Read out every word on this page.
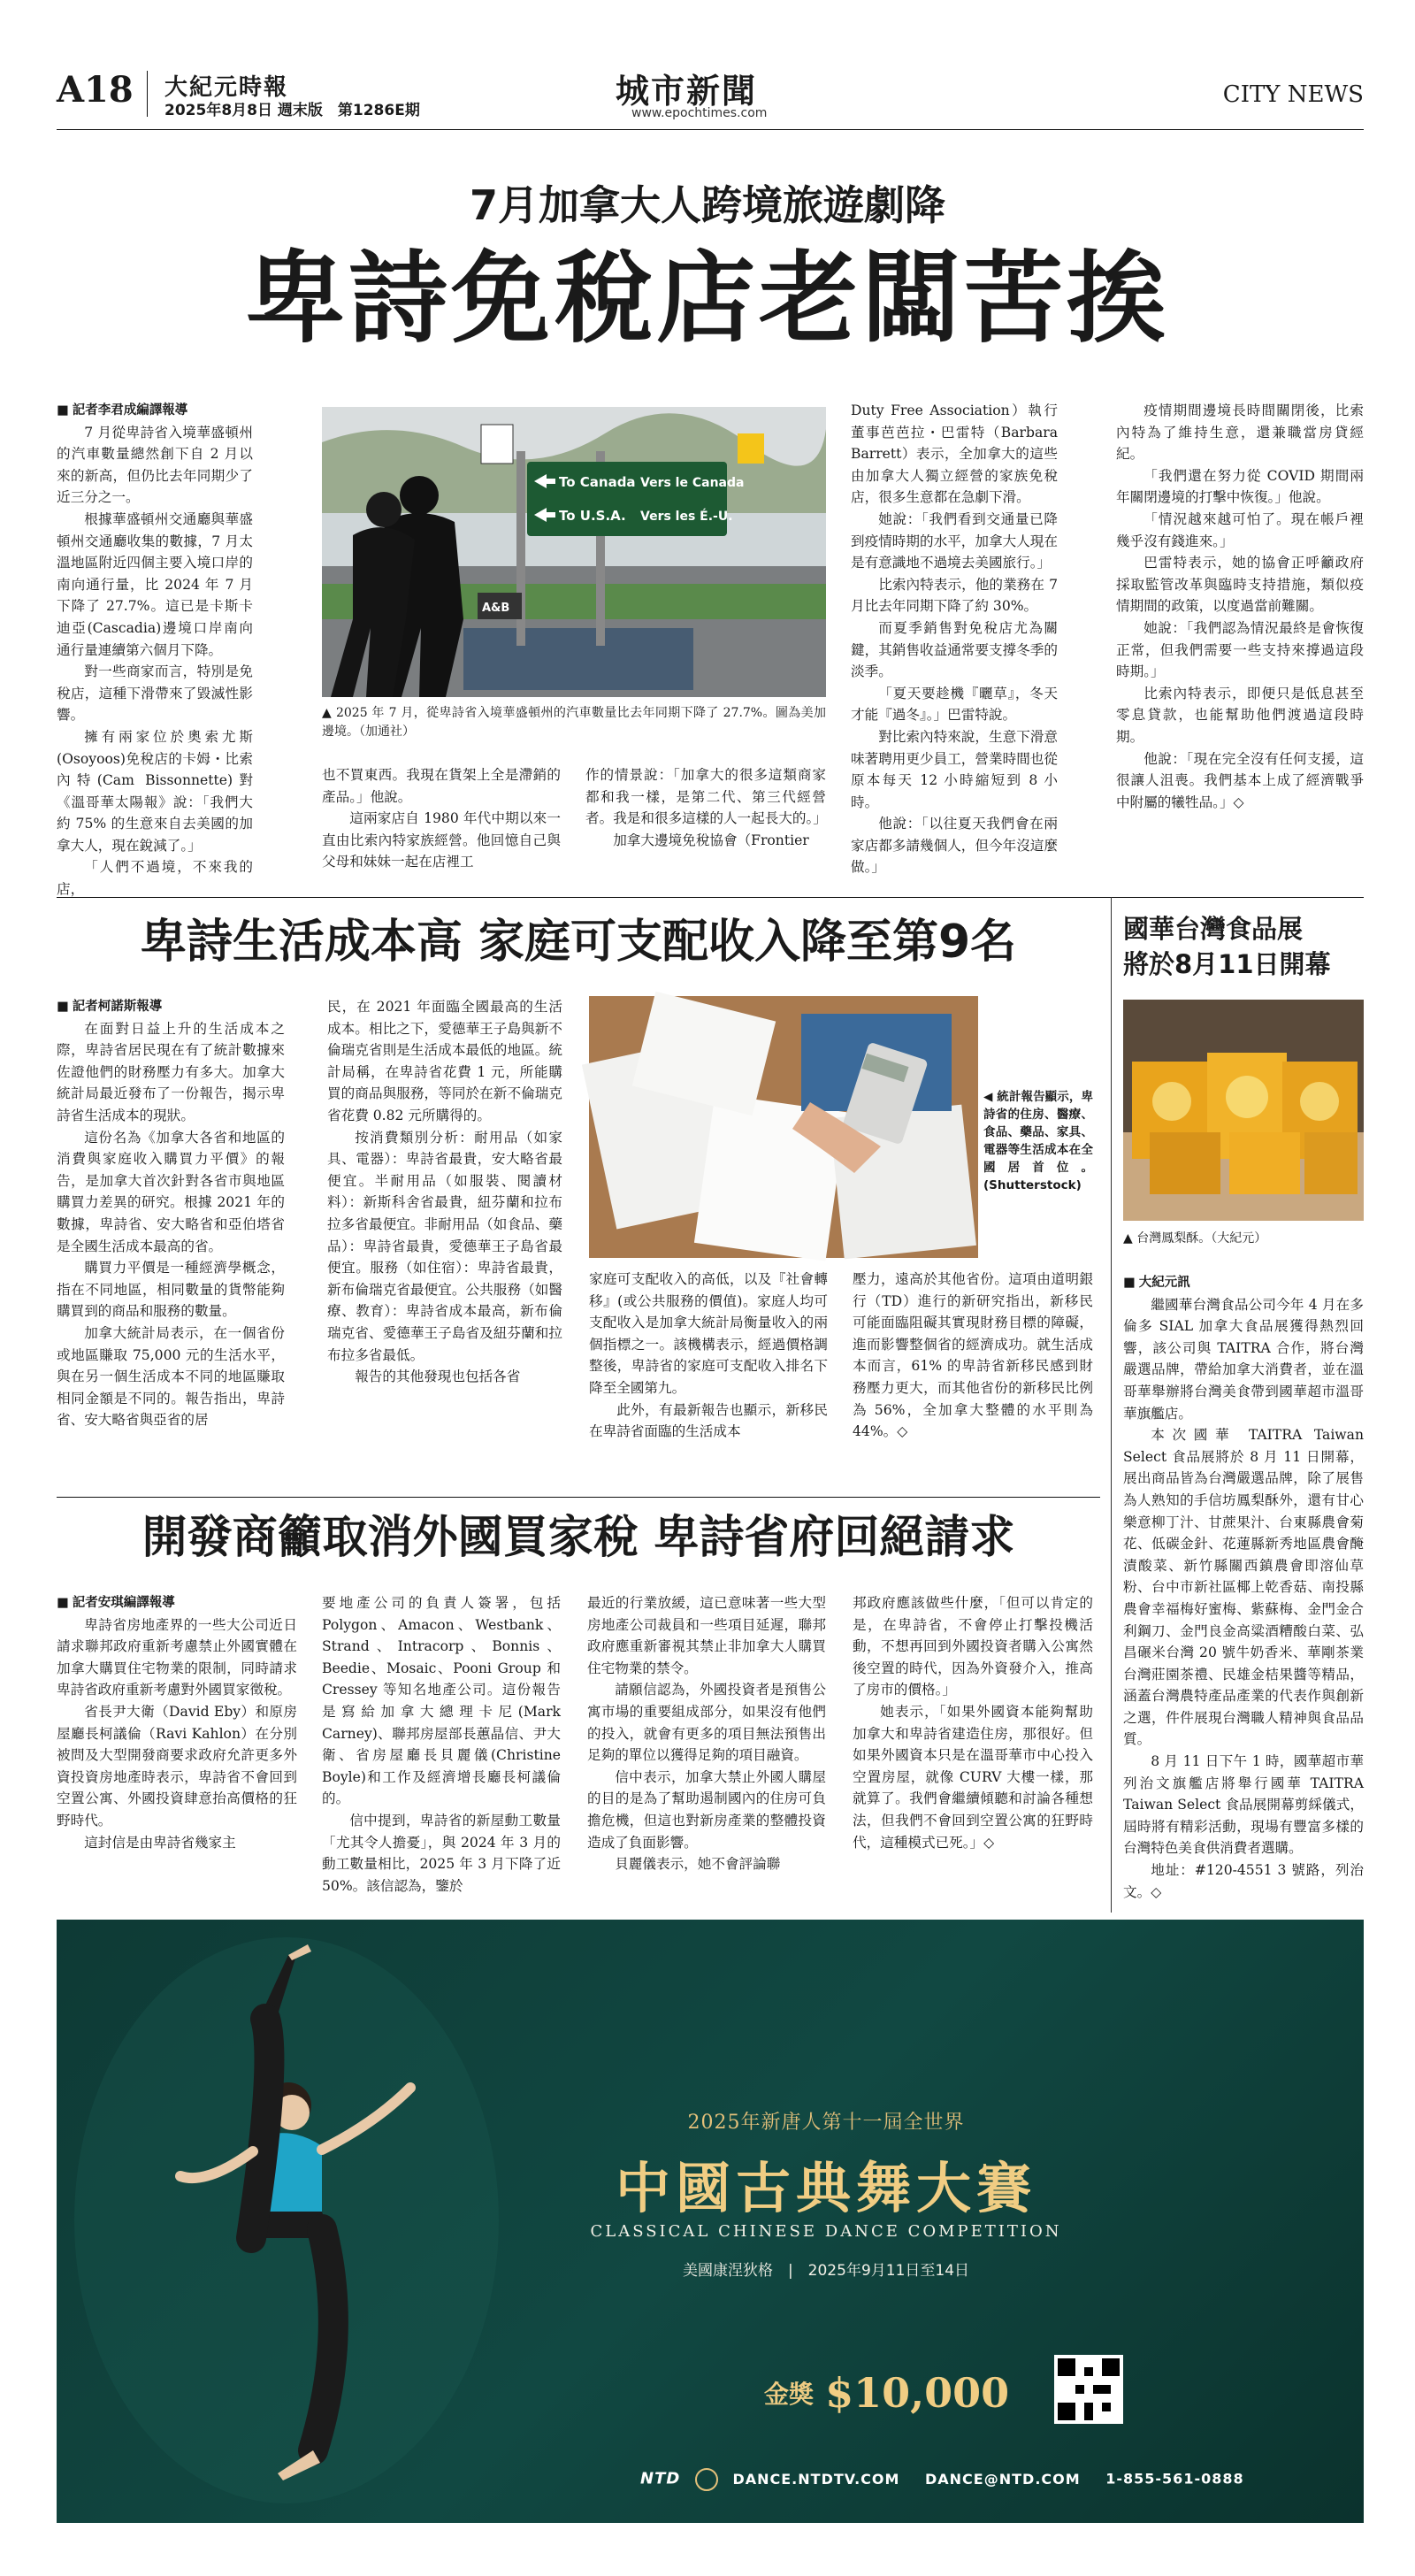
A18 大紀元時報
2025年8月8日 週末版　第1286E期	城市新聞
www.epochtimes.com
CITY NEWS
7月加拿大人跨境旅遊劇降
卑詩免稅店老闆苦挨

■ 記者李君成編譯報導

7 月從卑詩省入境華盛頓州的汽車數量總然創下自 2 月以來的新高，但仍比去年同期少了近三分之一。

根據華盛頓州交通廳與華盛頓州交通廳收集的數據，7 月太溫地區附近四個主要入境口岸的南向通行量，比 2024 年 7 月下降了 27.7%。這已是卡斯卡迪亞(Cascadia)邊境口岸南向通行量連續第六個月下降。

對一些商家而言，特別是免稅店，這種下滑帶來了毀滅性影響。

擁有兩家位於奧索尤斯(Osoyoos)免稅店的卡姆・比索內特(Cam Bissonnette)對《溫哥華太陽報》說：「我們大約 75% 的生意來自去美國的加拿大人，現在銳減了。」

「人們不過境，不來我的店，

To Canada Vers le Canada
To U.S.A. Vers les É.-U.
A&B
▲ 2025 年 7 月，從卑詩省入境華盛頓州的汽車數量比去年同期下降了 27.7%。圖為美加邊境。（加通社）

也不買東西。我現在貨架上全是滯銷的產品。」他說。

這兩家店自 1980 年代中期以來一直由比索內特家族經營。他回憶自己與父母和妹妹一起在店裡工

作的情景說：「加拿大的很多這類商家都和我一樣，是第二代、第三代經營者。我是和很多這樣的人一起長大的。」

加拿大邊境免稅協會（Frontier

Duty Free Association）執行董事芭芭拉・巴雷特（Barbara Barrett）表示，全加拿大的這些由加拿大人獨立經營的家族免稅店，很多生意都在急劇下滑。

她說：「我們看到交通量已降到疫情時期的水平，加拿大人現在是有意識地不過境去美國旅行。」

比索內特表示，他的業務在 7 月比去年同期下降了約 30%。

而夏季銷售對免稅店尤為關鍵，其銷售收益通常要支撐冬季的淡季。

「夏天要趁機『曬草』，冬天才能『過冬』。」巴雷特說。

對比索內特來說，生意下滑意味著聘用更少員工，營業時間也從原本每天 12 小時縮短到 8 小時。

他說：「以往夏天我們會在兩家店都多請幾個人，但今年沒這麼做。」

疫情期間邊境長時間關閉後，比索內特為了維持生意，還兼職當房貸經紀。

「我們還在努力從 COVID 期間兩年關閉邊境的打擊中恢復。」他說。

「情況越來越可怕了。現在帳戶裡幾乎沒有錢進來。」

巴雷特表示，她的協會正呼籲政府採取監管改革與臨時支持措施，類似疫情期間的政策，以度過當前難關。

她說：「我們認為情況最終是會恢復正常，但我們需要一些支持來撐過這段時期。」

比索內特表示，即便只是低息甚至零息貸款，也能幫助他們渡過這段時期。

他說：「現在完全沒有任何支援，這很讓人沮喪。我們基本上成了經濟戰爭中附屬的犧牲品。」◇

卑詩生活成本高 家庭可支配收入降至第9名

■ 記者柯諾斯報導

在面對日益上升的生活成本之際，卑詩省居民現在有了統計數據來佐證他們的財務壓力有多大。加拿大統計局最近發布了一份報告，揭示卑詩省生活成本的現狀。

這份名為《加拿大各省和地區的消費與家庭收入購買力平價》的報告，是加拿大首次針對各省市與地區購買力差異的研究。根據 2021 年的數據，卑詩省、安大略省和亞伯塔省是全國生活成本最高的省。

購買力平價是一種經濟學概念，指在不同地區，相同數量的貨幣能夠購買到的商品和服務的數量。

加拿大統計局表示，在一個省份或地區賺取 75,000 元的生活水平，與在另一個生活成本不同的地區賺取相同金額是不同的。報告指出，卑詩省、安大略省與亞省的居

民，在 2021 年面臨全國最高的生活成本。相比之下，愛德華王子島與新不倫瑞克省則是生活成本最低的地區。統計局稱，在卑詩省花費 1 元，所能購買的商品與服務，等同於在新不倫瑞克省花費 0.82 元所購得的。

按消費類別分析：耐用品（如家具、電器）：卑詩省最貴，安大略省最便宜。半耐用品（如服裝、閱讀材料）：新斯科舍省最貴，紐芬蘭和拉布拉多省最便宜。非耐用品（如食品、藥品）：卑詩省最貴，愛德華王子島省最便宜。服務（如住宿）：卑詩省最貴，新布倫瑞克省最便宜。公共服務（如醫療、教育）：卑詩省成本最高，新布倫瑞克省、愛德華王子島省及紐芬蘭和拉布拉多省最低。

報告的其他發現也包括各省

◀ 統計報告顯示，卑詩省的住房、醫療、食品、藥品、家具、電器等生活成本在全國居首位。(Shutterstock)

家庭可支配收入的高低，以及『社會轉移』(或公共服務的價值)。家庭人均可支配收入是加拿大統計局衡量收入的兩個指標之一。該機構表示，經過價格調整後，卑詩省的家庭可支配收入排名下降至全國第九。

此外，有最新報告也顯示，新移民在卑詩省面臨的生活成本

壓力，遠高於其他省份。這項由道明銀行（TD）進行的新研究指出，新移民可能面臨阻礙其實現財務目標的障礙，進而影響整個省的經濟成功。就生活成本而言，61% 的卑詩省新移民感到財務壓力更大，而其他省份的新移民比例為 56%，全加拿大整體的水平則為 44%。◇

開發商籲取消外國買家稅 卑詩省府回絕請求

■ 記者安琪編譯報導

卑詩省房地產界的一些大公司近日請求聯邦政府重新考慮禁止外國實體在加拿大購買住宅物業的限制，同時請求卑詩省政府重新考慮對外國買家徵稅。

省長尹大衛（David Eby）和原房屋廳長柯議倫（Ravi Kahlon）在分別被問及大型開發商要求政府允許更多外資投資房地產時表示，卑詩省不會回到空置公寓、外國投資肆意抬高價格的狂野時代。

這封信是由卑詩省幾家主

要地產公司的負責人簽署，包括 Polygon、Amacon、Westbank、Strand、Intracorp、Bonnis、Beedie、Mosaic、Pooni Group 和 Cressey 等知名地產公司。這份報告是寫給加拿大總理卡尼(Mark Carney)、聯邦房屋部長蕙晶信、尹大衛、省房屋廳長貝麗儀(Christine Boyle)和工作及經濟增長廳長柯議倫的。

信中提到，卑詩省的新屋動工數量「尤其令人擔憂」，與 2024 年 3 月的動工數量相比，2025 年 3 月下降了近 50%。該信認為，鑒於

最近的行業放緩，這已意味著一些大型房地產公司裁員和一些項目延遲，聯邦政府應重新審視其禁止非加拿大人購買住宅物業的禁令。

請願信認為，外國投資者是預售公寓市場的重要組成部分，如果沒有他們的投入，就會有更多的項目無法預售出足夠的單位以獲得足夠的項目融資。

信中表示，加拿大禁止外國人購屋的目的是為了幫助遏制國內的住房可負擔危機，但這也對新房產業的整體投資造成了負面影響。

貝麗儀表示，她不會評論聯

邦政府應該做些什麼，「但可以肯定的是，在卑詩省，不會停止打擊投機活動，不想再回到外國投資者購入公寓然後空置的時代，因為外資發介入，推高了房市的價格。」

她表示，「如果外國資本能夠幫助加拿大和卑詩省建造住房，那很好。但如果外國資本只是在溫哥華市中心投入空置房屋，就像 CURV 大樓一樣，那就算了。我們會繼續傾聽和討論各種想法，但我們不會回到空置公寓的狂野時代，這種模式已死。」◇

國華台灣食品展
將於8月11日開幕
▲ 台灣鳳梨酥。（大紀元）

■ 大紀元訊

繼國華台灣食品公司今年 4 月在多倫多 SIAL 加拿大食品展獲得熱烈回響，該公司與 TAITRA 合作，將台灣嚴選品牌，帶給加拿大消費者，並在溫哥華舉辦將台灣美食帶到國華超市溫哥華旗艦店。

本次國華 TAITRA Taiwan Select 食品展將於 8 月 11 日開幕，展出商品皆為台灣嚴選品牌，除了展售為人熟知的手信坊鳳梨酥外，還有甘心樂意柳丁汁、甘蔗果汁、台東縣農會菊花、低碳金針、花蓮縣新秀地區農會醃漬酸菜、新竹縣關西鎮農會即溶仙草粉、台中市新社區椰上乾香菇、南投縣農會幸福梅好蜜梅、紫蘇梅、金門金合利鋼刀、金門良金高粱酒糟酸白菜、弘昌碾米台灣 20 號牛奶香米、華剛茶業台灣莊園茶禮、民雄金桔果醬等精品，涵蓋台灣農特產品產業的代表作與創新之選，件件展現台灣職人精神與食品品質。

8 月 11 日下午 1 時，國華超市華列治文旗艦店將舉行國華 TAITRA Taiwan Select 食品展開幕剪綵儀式，屆時將有精彩活動，現場有豐富多樣的台灣特色美食供消費者選購。

地址：#120-4551 3 號路，列治文。◇

2025年新唐人第十一屆全世界
中國古典舞大賽
CLASSICAL CHINESE DANCE COMPETITION
美國康涅狄格　|　2025年9月11日至14日
金獎 $10,000
NTD	DANCE.NTDTV.COM DANCE@NTD.COM 1-855-561-0888
